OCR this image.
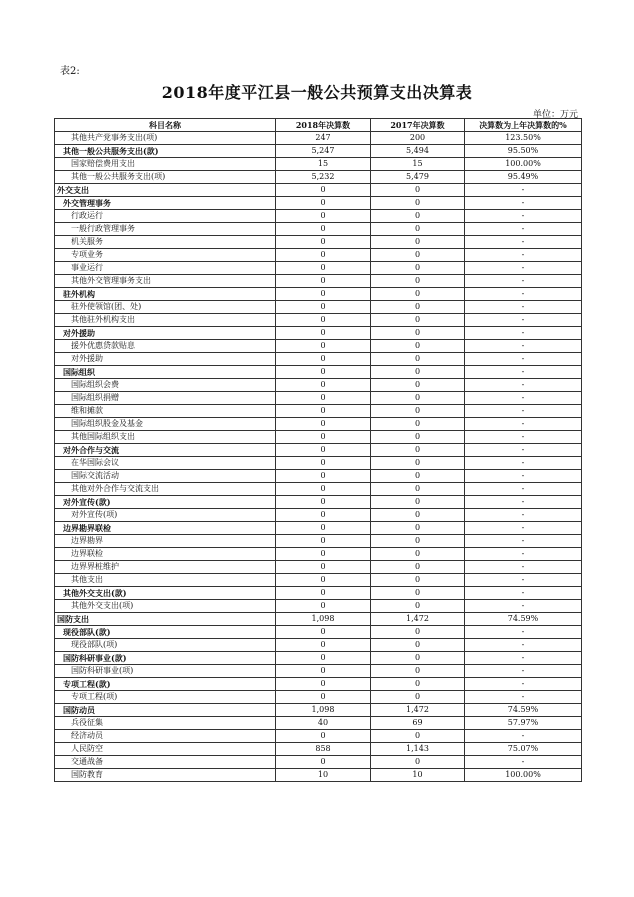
表2:
2018年度平江县一般公共预算支出决算表
单位：万元
科目名称	2018年决算数	2017年决算数	决算数为上年决算数的%
其他共产党事务支出(项)	247	200	123.50%
其他一般公共服务支出(款)	5,247	5,494	95.50%
国家赔偿费用支出	15	15	100.00%
其他一般公共服务支出(项)	5,232	5,479	95.49%
外交支出	0	0	-
外交管理事务	0	0	-
行政运行	0	0	-
一般行政管理事务	0	0	-
机关服务	0	0	-
专项业务	0	0	-
事业运行	0	0	-
其他外交管理事务支出	0	0	-
驻外机构	0	0	-
驻外使领馆(团、处)	0	0	-
其他驻外机构支出	0	0	-
对外援助	0	0	-
援外优惠贷款贴息	0	0	-
对外援助	0	0	-
国际组织	0	0	-
国际组织会费	0	0	-
国际组织捐赠	0	0	-
维和摊款	0	0	-
国际组织股金及基金	0	0	-
其他国际组织支出	0	0	-
对外合作与交流	0	0	-
在华国际会议	0	0	-
国际交流活动	0	0	-
其他对外合作与交流支出	0	0	-
对外宣传(款)	0	0	-
对外宣传(项)	0	0	-
边界勘界联检	0	0	-
边界勘界	0	0	-
边界联检	0	0	-
边界界桩维护	0	0	-
其他支出	0	0	-
其他外交支出(款)	0	0	-
其他外交支出(项)	0	0	-
国防支出	1,098	1,472	74.59%
现役部队(款)	0	0	-
现役部队(项)	0	0	-
国防科研事业(款)	0	0	-
国防科研事业(项)	0	0	-
专项工程(款)	0	0	-
专项工程(项)	0	0	-
国防动员	1,098	1,472	74.59%
兵役征集	40	69	57.97%
经济动员	0	0	-
人民防空	858	1,143	75.07%
交通战备	0	0	-
国防教育	10	10	100.00%
